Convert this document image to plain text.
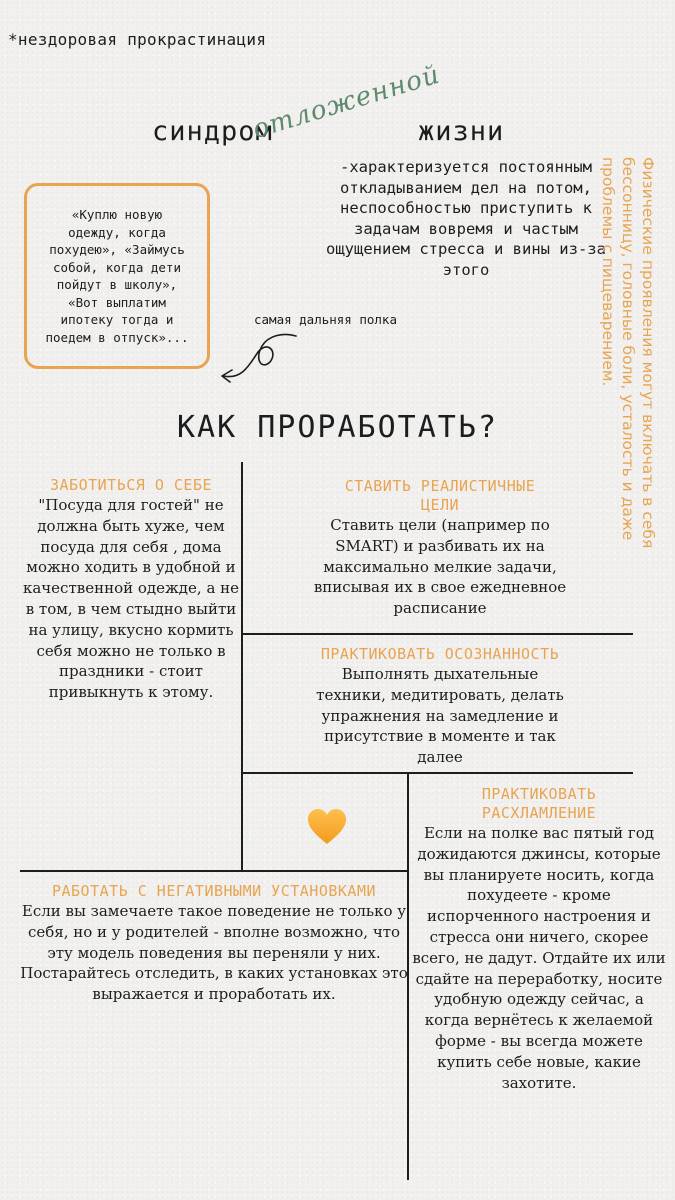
*нездоровая прокрастинация
синдром
отложенной
жизни
-характеризуется постоянным откладыванием дел на потом, неспособностью приступить к задачам вовремя и частым ощущением стресса и вины из-за этого	Физические проявления могут включать в себя бессонницу, головные боли, усталость и даже проблемы с пищеварением.
«Куплю новую одежду, когда похудею», «Займусь собой, когда дети пойдут в школу», «Вот выплатим ипотеку тогда и поедем в отпуск»...
самая дальняя полка
КАК ПРОРАБОТАТЬ?
ЗАБОТИТЬСЯ О СЕБЕ
"Посуда для гостей" не должна быть хуже, чем посуда для себя , дома можно ходить в удобной и качественной одежде, а не в том, в чем стыдно выйти на улицу, вкусно кормить себя можно не только в праздники - стоит привыкнуть к этому.
СТАВИТЬ РЕАЛИСТИЧНЫЕ ЦЕЛИ
Ставить цели (например по SMART) и разбивать их на максимально мелкие задачи, вписывая их в свое ежедневное расписание
ПРАКТИКОВАТЬ ОСОЗНАННОСТЬ
Выполнять дыхательные техники, медитировать, делать упражнения на замедление и присутствие в моменте и так далее
ПРАКТИКОВАТЬ РАСХЛАМЛЕНИЕ
Если на полке вас пятый год дожидаются джинсы, которые вы планируете носить, когда похудеете - кроме испорченного настроения и стресса они ничего, скорее всего, не дадут. Отдайте их или сдайте на переработку, носите удобную одежду сейчас, а когда вернётесь к желаемой форме - вы всегда можете купить себе новые, какие захотите.
РАБОТАТЬ С НЕГАТИВНЫМИ УСТАНОВКАМИ
Если вы замечаете такое поведение не только у себя, но и у родителей - вполне возможно, что эту модель поведения вы переняли у них. Постарайтесь отследить, в каких установках это выражается и проработать их.
